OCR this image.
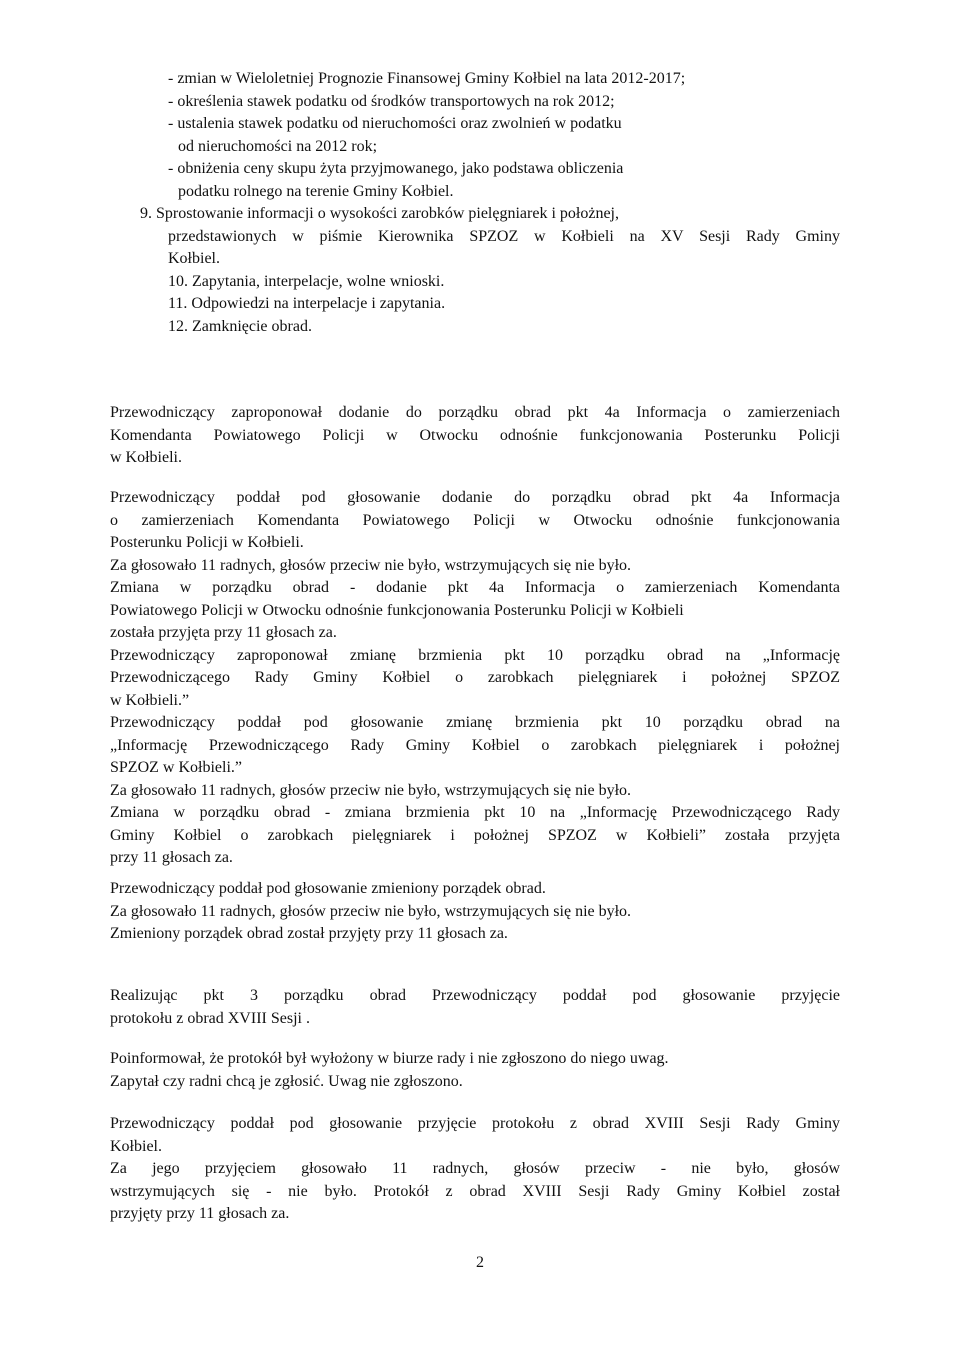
- zmian w Wieloletniej Prognozie Finansowej Gminy Kołbiel na lata 2012-2017;
- określenia stawek podatku od środków transportowych na rok 2012;
- ustalenia stawek podatku od nieruchomości oraz zwolnień w podatku
od nieruchomości na 2012 rok;
- obniżenia ceny skupu żyta przyjmowanego, jako podstawa obliczenia
podatku rolnego na terenie Gminy Kołbiel.
9. Sprostowanie informacji o wysokości zarobków pielęgniarek i położnej,
przedstawionych w piśmie Kierownika SPZOZ w Kołbieli na XV Sesji Rady Gminy
Kołbiel.
10. Zapytania, interpelacje, wolne wnioski.
11. Odpowiedzi na interpelacje i zapytania.
12. Zamknięcie obrad.
Przewodniczący zaproponował dodanie do porządku obrad pkt 4a Informacja o zamierzeniach
Komendanta Powiatowego Policji w Otwocku odnośnie funkcjonowania Posterunku Policji
w Kołbieli.
Przewodniczący poddał pod głosowanie dodanie do porządku obrad pkt 4a Informacja
o zamierzeniach Komendanta Powiatowego Policji w Otwocku odnośnie funkcjonowania
Posterunku Policji w Kołbieli.
Za głosowało 11 radnych, głosów przeciw nie było, wstrzymujących się nie było.
Zmiana w porządku obrad - dodanie pkt 4a Informacja o zamierzeniach Komendanta
Powiatowego Policji w Otwocku odnośnie funkcjonowania Posterunku Policji w Kołbieli
została przyjęta przy 11 głosach za.
Przewodniczący zaproponował zmianę brzmienia pkt 10 porządku obrad na „Informację
Przewodniczącego Rady Gminy Kołbiel o zarobkach pielęgniarek i położnej SPZOZ
w Kołbieli.”
Przewodniczący poddał pod głosowanie zmianę brzmienia pkt 10 porządku obrad na
„Informację Przewodniczącego Rady Gminy Kołbiel o zarobkach pielęgniarek i położnej
SPZOZ w Kołbieli.”
Za głosowało 11 radnych, głosów przeciw nie było, wstrzymujących się nie było.
Zmiana w porządku obrad - zmiana brzmienia pkt 10 na „Informację Przewodniczącego Rady
Gminy Kołbiel o zarobkach pielęgniarek i położnej SPZOZ w Kołbieli” została przyjęta
przy 11 głosach za.
Przewodniczący poddał pod głosowanie zmieniony porządek obrad.
Za głosowało 11 radnych, głosów przeciw nie było, wstrzymujących się nie było.
Zmieniony porządek obrad został przyjęty przy 11 głosach za.
Realizując pkt 3 porządku obrad Przewodniczący poddał pod głosowanie przyjęcie
protokołu z obrad XVIII Sesji .
Poinformował, że protokół był wyłożony w biurze rady i nie zgłoszono do niego uwag.
Zapytał czy radni chcą je zgłosić. Uwag nie zgłoszono.
Przewodniczący poddał pod głosowanie przyjęcie protokołu z obrad XVIII Sesji Rady Gminy
Kołbiel.
Za jego przyjęciem głosowało 11 radnych, głosów przeciw - nie było, głosów
wstrzymujących się - nie było. Protokół z obrad XVIII Sesji Rady Gminy Kołbiel został
przyjęty przy 11 głosach za.
2
